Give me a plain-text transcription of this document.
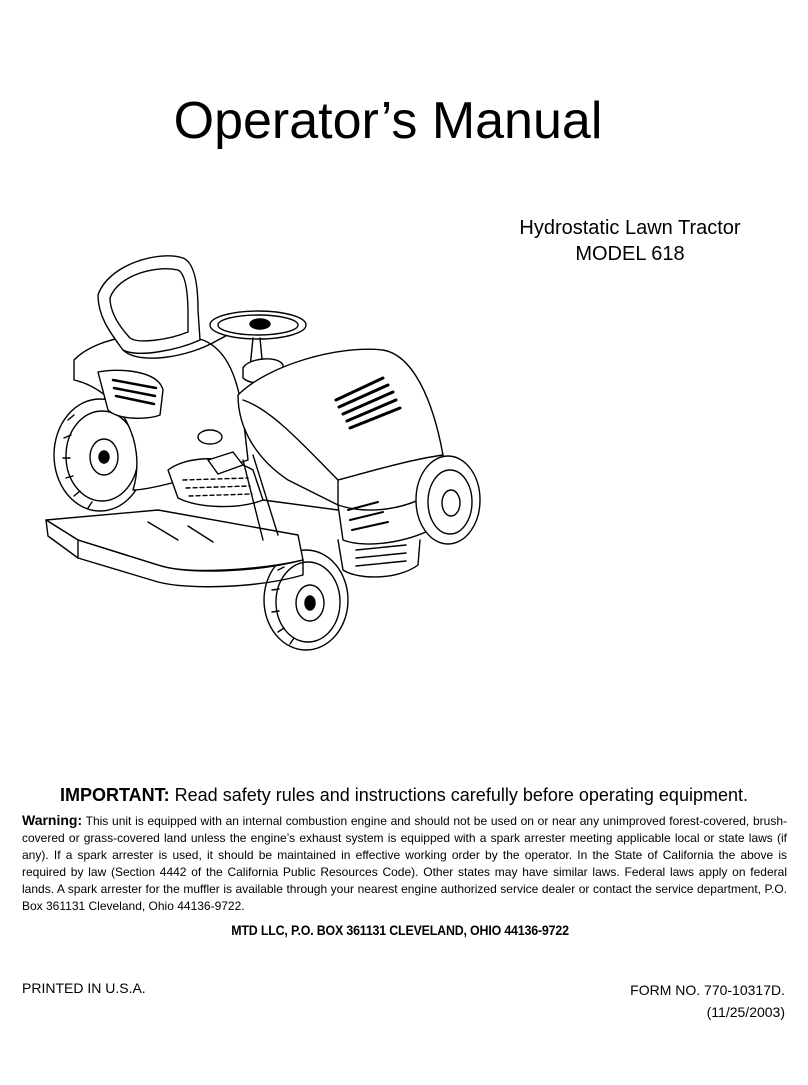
Operator’s Manual
Hydrostatic Lawn Tractor
MODEL 618
IMPORTANT: Read safety rules and instructions carefully before operating equipment.
Warning: This unit is equipped with an internal combustion engine and should not be used on or near any unimproved forest-covered, brush-covered or grass-covered land unless the engine’s exhaust system is equipped with a spark arrester meeting applicable local or state laws (if any). If a spark arrester is used, it should be maintained in effective working order by the operator. In the State of California the above is required by law (Section 4442 of the California Public Resources Code). Other states may have similar laws. Federal laws apply on federal lands. A spark arrester for the muffler is available through your nearest engine authorized service dealer or contact the service department, P.O. Box 361131 Cleveland, Ohio 44136-9722.
MTD LLC, P.O. BOX 361131 CLEVELAND, OHIO 44136-9722
PRINTED IN U.S.A.	FORM NO. 770-10317D.
(11/25/2003)
